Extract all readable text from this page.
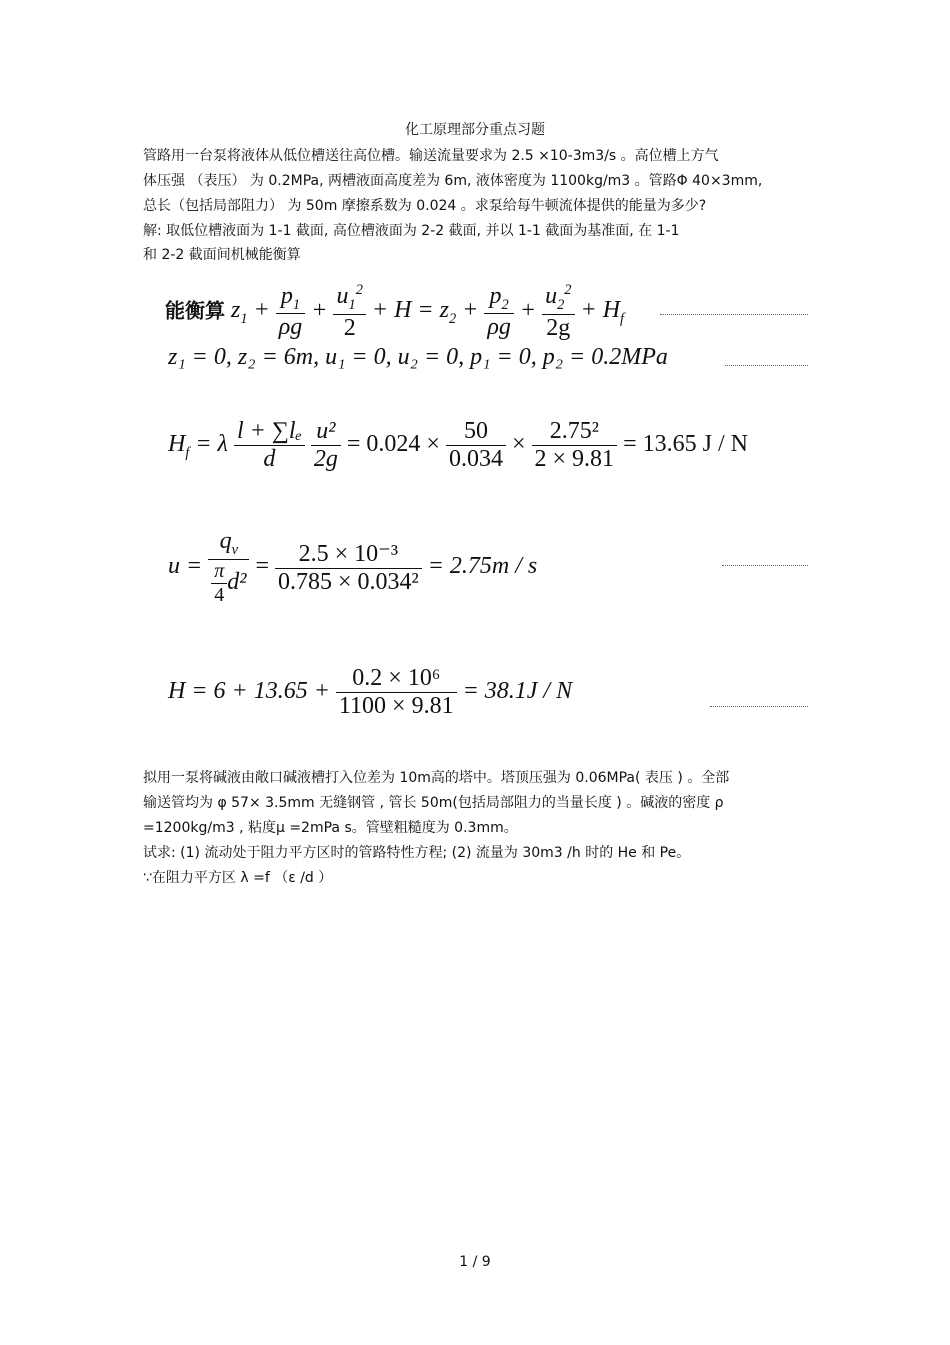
化工原理部分重点习题
管路用一台泵将液体从低位槽送往高位槽。输送流量要求为 2.5 ×10-3m3/s 。高位槽上方气
体压强 （表压） 为 0.2MPa, 两槽液面高度差为 6m, 液体密度为 1100kg/m3 。管路Φ 40×3mm,
总长（包括局部阻力） 为 50m 摩擦系数为 0.024 。求泵给每牛顿流体提供的能量为多少?
解: 取低位槽液面为 1-1 截面, 高位槽液面为 2-2 截面, 并以 1-1 截面为基准面, 在 1-1
和 2-2 截面间机械能衡算
能衡算 $z_1 + \frac{p_1}{\rho g} + \frac{u_1^2}{2} + H = z_2 + \frac{p_2}{\rho g} + \frac{u_2^2}{2g} + H_f$
z₁ = 0, z₂ = 6m, u₁ = 0, u₂ = 0, p₁ = 0, p₂ = 0.2MPa
$H_f = \lambda \frac{\text{l + ∑lₑ}}{d}$
$\frac{\text{u²}}{2g} = 0.024 \times \frac{50}{0.034} \times \frac{\text{2.75²}}{2 \times 9.81} = 13.65$ J / N
$u = \frac{q_v}{\frac{\pi}{4} d^2} = \frac{\text{2.5 × 10⁻³}}{\text{0.785 × 0.034²}} = 2.75m / s$
$H = 6 + 13.65 + \frac{\text{0.2 × 10⁶}}{1100 \times 9.81} = 38.1J / N$
拟用一泵将碱液由敞口碱液槽打入位差为 10m高的塔中。塔顶压强为 0.06MPa( 表压 ) 。全部
输送管均为 φ 57× 3.5mm 无缝钢管 , 管长 50m(包括局部阻力的当量长度 ) 。碱液的密度 ρ
=1200kg/m3 , 粘度μ =2mPa s。管壁粗糙度为 0.3mm。
试求: (1) 流动处于阻力平方区时的管路特性方程; (2) 流量为 30m3 /h 时的 He 和 Pe。
∵在阻力平方区 λ =f （ε /d ）
1 / 9
